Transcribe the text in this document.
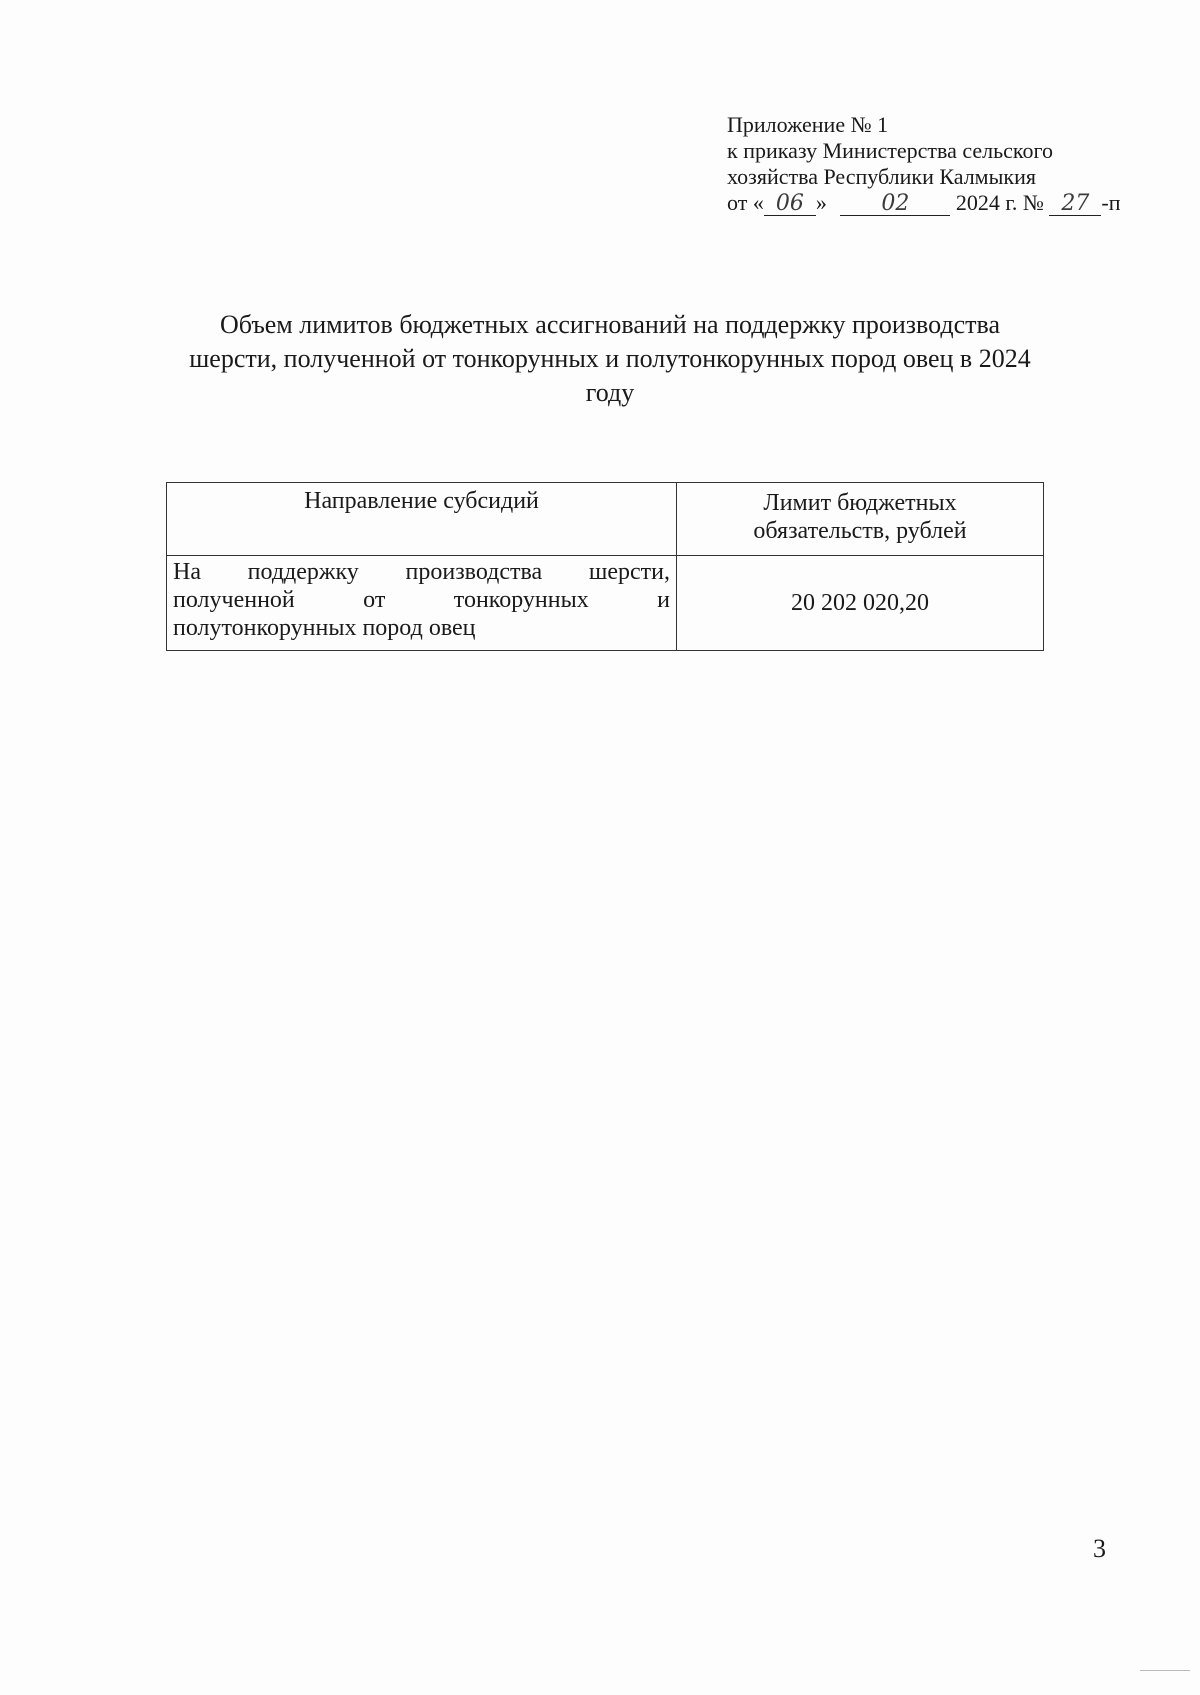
Приложение № 1
к приказу Министерства сельского
хозяйства Республики Калмыкия
от « 06 » 02 2024 г. № 27 -п
Объем лимитов бюджетных ассигнований на поддержку производства
шерсти, полученной от тонкорунных и полутонкорунных пород овец в 2024
году
Направление субсидий	Лимит бюджетных
обязательств, рублей

На поддержку производства шерсти,
полученной от тонкорунных и
полутонкорунных пород овец	20 202 020,20
3
